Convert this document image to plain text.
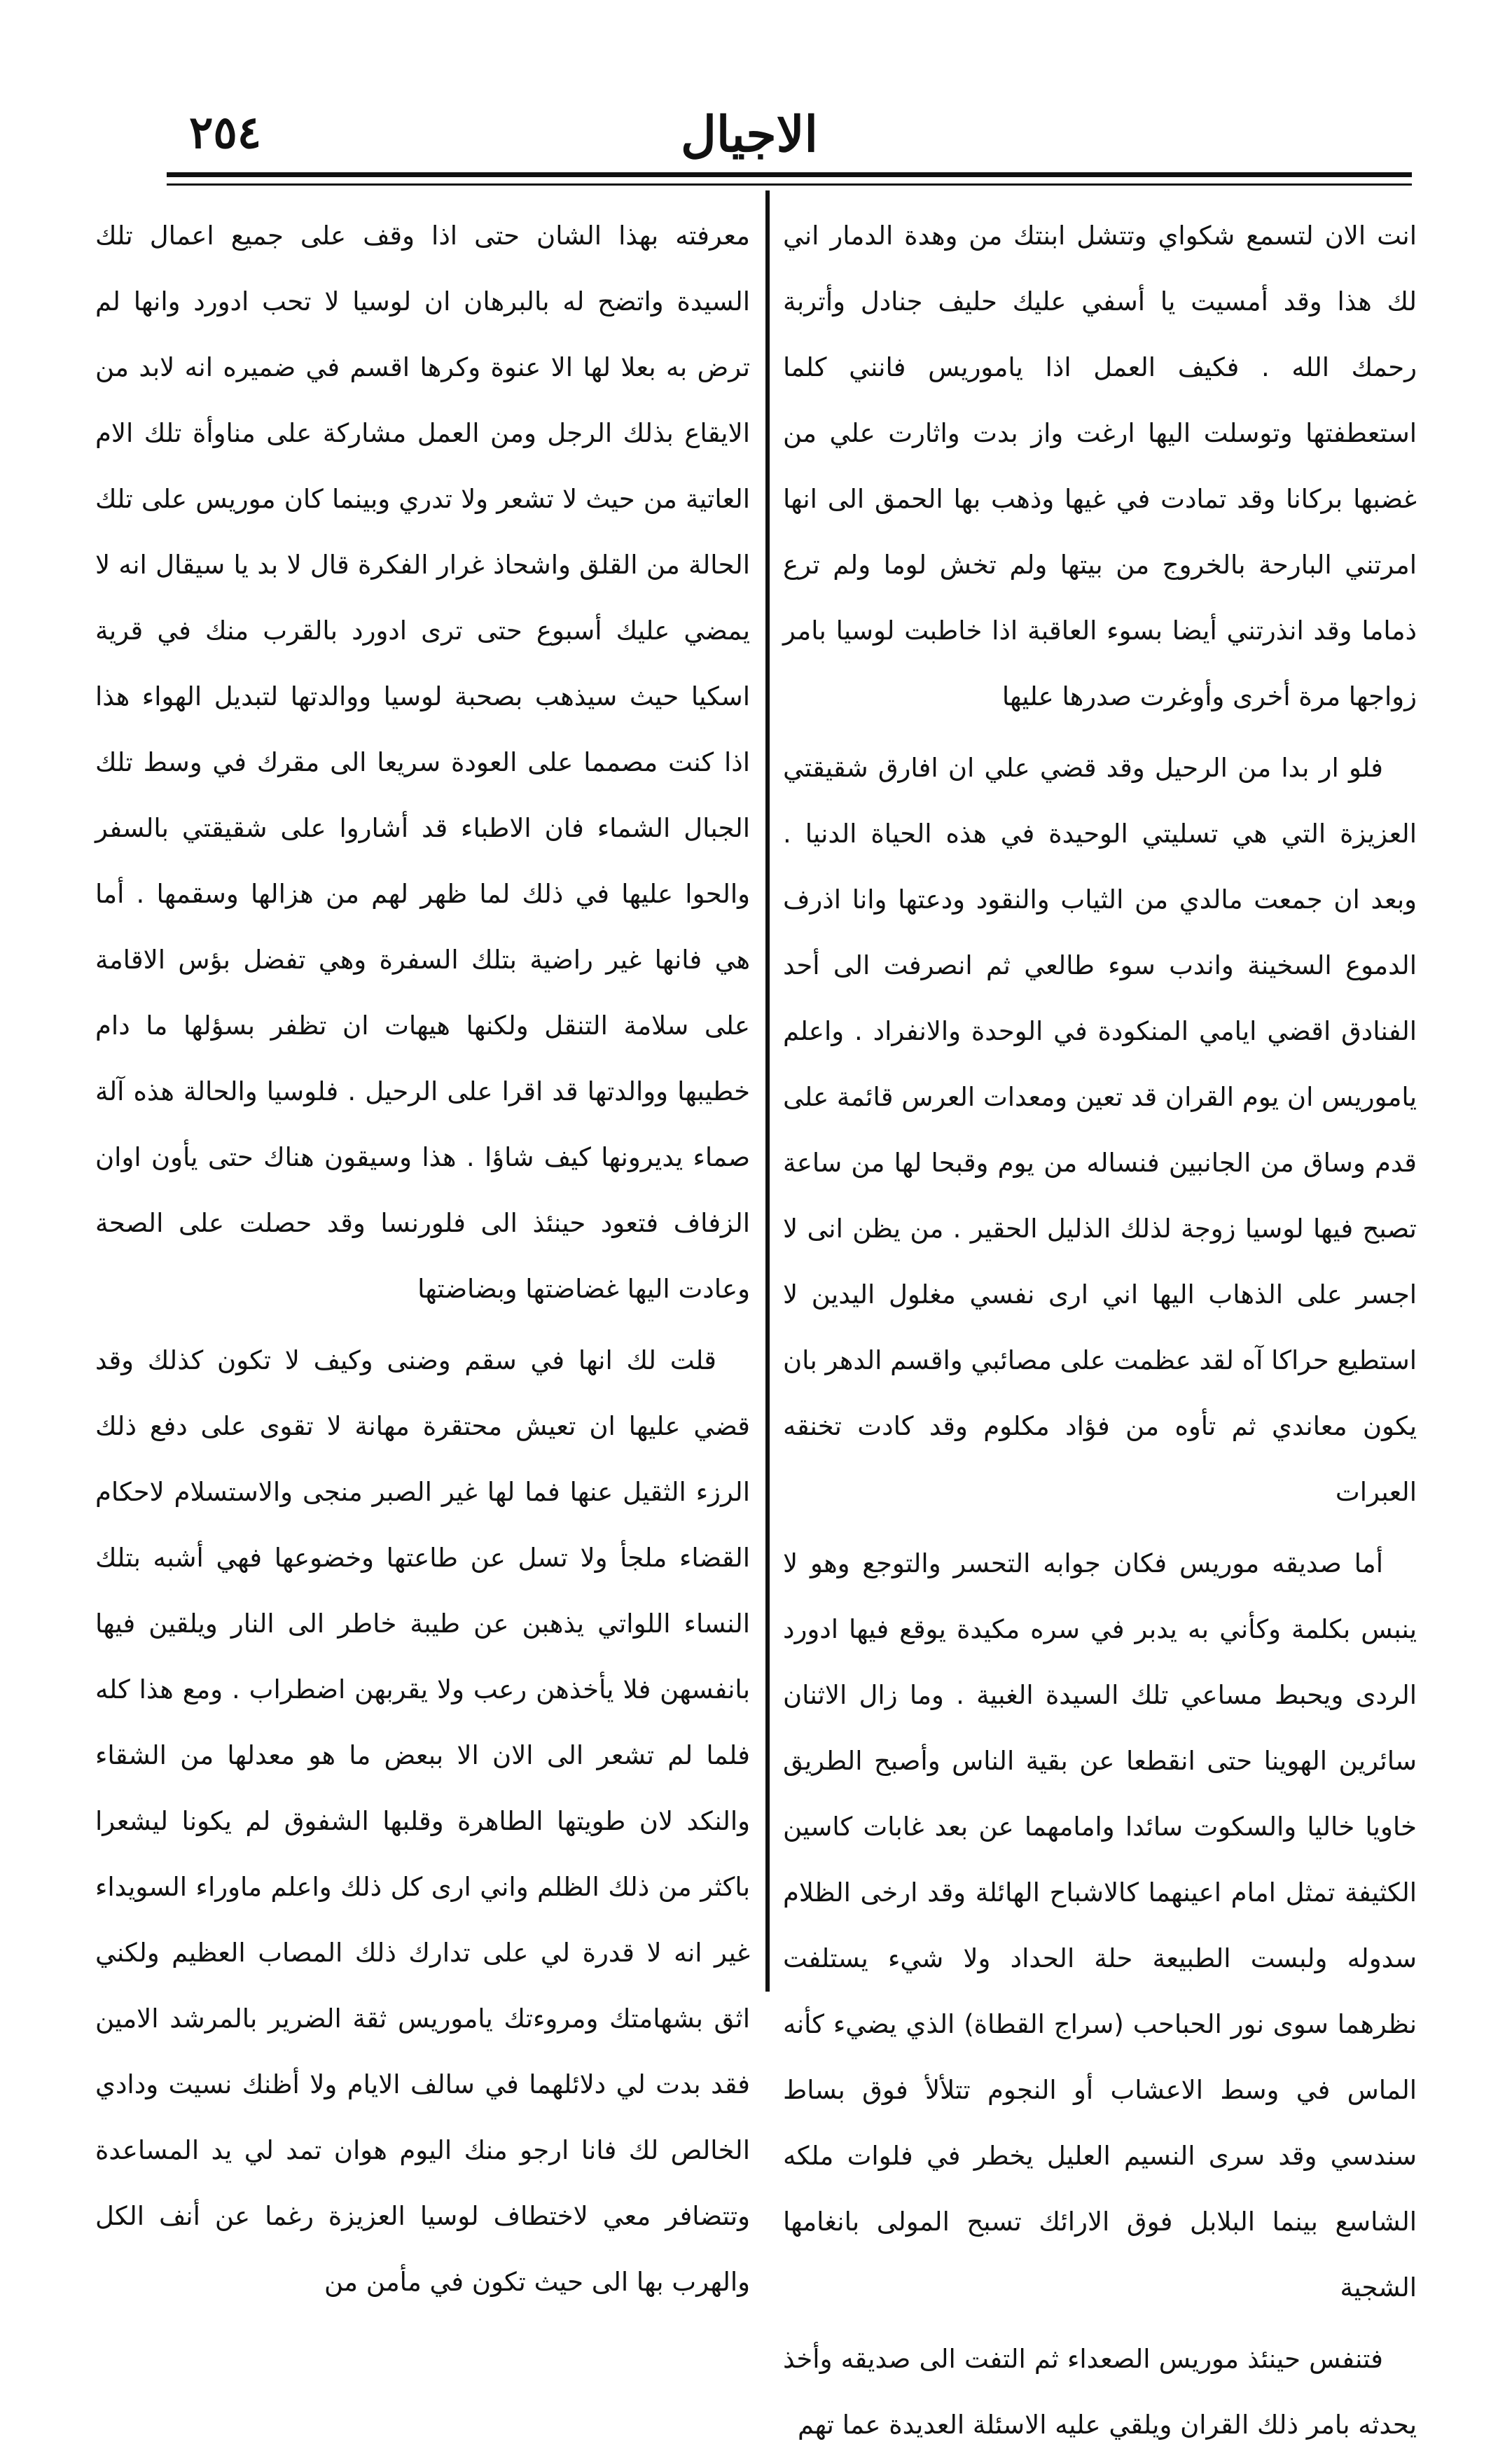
٢٥٤	الاجيال

انت الان لتسمع شكواي وتتشل ابنتك من وهدة الدمار اني لك هذا وقد أمسيت يا أسفي عليك حليف جنادل وأتربة رحمك الله . فكيف العمل اذا ياموريس فانني كلما استعطفتها وتوسلت اليها ارغت واز بدت واثارت علي من غضبها بركانا وقد تمادت في غيها وذهب بها الحمق الى انها امرتني البارحة بالخروج من بيتها ولم تخش لوما ولم ترع ذماما وقد انذرتني أيضا بسوء العاقبة اذا خاطبت لوسيا بامر زواجها مرة أخرى وأوغرت صدرها عليها

فلو ار بدا من الرحيل وقد قضي علي ان افارق شقيقتي العزيزة التي هي تسليتي الوحيدة في هذه الحياة الدنيا . وبعد ان جمعت مالدي من الثياب والنقود ودعتها وانا اذرف الدموع السخينة واندب سوء طالعي ثم انصرفت الى أحد الفنادق اقضي ايامي المنكودة في الوحدة والانفراد . واعلم ياموريس ان يوم القران قد تعين ومعدات العرس قائمة على قدم وساق من الجانبين فنساله من يوم وقبحا لها من ساعة تصبح فيها لوسيا زوجة لذلك الذليل الحقير . من يظن انى لا اجسر على الذهاب اليها اني ارى نفسي مغلول اليدين لا استطيع حراكا آه لقد عظمت على مصائبي واقسم الدهر بان يكون معاندي ثم تأوه من فؤاد مكلوم وقد كادت تخنقه العبرات

أما صديقه موريس فكان جوابه التحسر والتوجع وهو لا ينبس بكلمة وكأني به يدبر في سره مكيدة يوقع فيها ادورد الردى ويحبط مساعي تلك السيدة الغبية . وما زال الاثنان سائرين الهوينا حتى انقطعا عن بقية الناس وأصبح الطريق خاويا خاليا والسكوت سائدا وامامهما عن بعد غابات كاسين الكثيفة تمثل امام اعينهما كالاشباح الهائلة وقد ارخى الظلام سدوله ولبست الطبيعة حلة الحداد ولا شيء يستلفت نظرهما سوى نور الحباحب (سراج القطاة) الذي يضيء كأنه الماس في وسط الاعشاب أو النجوم تتلألأ فوق بساط سندسي وقد سرى النسيم العليل يخطر في فلوات ملكه الشاسع بينما البلابل فوق الارائك تسبح المولى بانغامها الشجية

فتنفس حينئذ موريس الصعداء ثم التفت الى صديقه وأخذ يحدثه بامر ذلك القران ويلقي عليه الاسئلة العديدة عما تهم

معرفته بهذا الشان حتى اذا وقف على جميع اعمال تلك السيدة واتضح له بالبرهان ان لوسيا لا تحب ادورد وانها لم ترض به بعلا لها الا عنوة وكرها اقسم في ضميره انه لابد من الايقاع بذلك الرجل ومن العمل مشاركة على مناوأة تلك الام العاتية من حيث لا تشعر ولا تدري وبينما كان موريس على تلك الحالة من القلق واشحاذ غرار الفكرة قال لا بد يا سيقال انه لا يمضي عليك أسبوع حتى ترى ادورد بالقرب منك في قرية اسكيا حيث سيذهب بصحبة لوسيا ووالدتها لتبديل الهواء هذا اذا كنت مصمما على العودة سريعا الى مقرك في وسط تلك الجبال الشماء فان الاطباء قد أشاروا على شقيقتي بالسفر والحوا عليها في ذلك لما ظهر لهم من هزالها وسقمها . أما هي فانها غير راضية بتلك السفرة وهي تفضل بؤس الاقامة على سلامة التنقل ولكنها هيهات ان تظفر بسؤلها ما دام خطيبها ووالدتها قد اقرا على الرحيل . فلوسيا والحالة هذه آلة صماء يديرونها كيف شاؤا . هذا وسيقون هناك حتى يأون اوان الزفاف فتعود حينئذ الى فلورنسا وقد حصلت على الصحة وعادت اليها غضاضتها وبضاضتها

قلت لك انها في سقم وضنى وكيف لا تكون كذلك وقد قضي عليها ان تعيش محتقرة مهانة لا تقوى على دفع ذلك الرزء الثقيل عنها فما لها غير الصبر منجى والاستسلام لاحكام القضاء ملجأ ولا تسل عن طاعتها وخضوعها فهي أشبه بتلك النساء اللواتي يذهبن عن طيبة خاطر الى النار ويلقين فيها بانفسهن فلا يأخذهن رعب ولا يقربهن اضطراب . ومع هذا كله فلما لم تشعر الى الان الا ببعض ما هو معدلها من الشقاء والنكد لان طويتها الطاهرة وقلبها الشفوق لم يكونا ليشعرا باكثر من ذلك الظلم واني ارى كل ذلك واعلم ماوراء السويداء غير انه لا قدرة لي على تدارك ذلك المصاب العظيم ولكني اثق بشهامتك ومروءتك ياموريس ثقة الضرير بالمرشد الامين فقد بدت لي دلائلهما في سالف الايام ولا أظنك نسيت ودادي الخالص لك فانا ارجو منك اليوم هوان تمد لي يد المساعدة وتتضافر معي لاختطاف لوسيا العزيزة رغما عن أنف الكل والهرب بها الى حيث تكون في مأمن من
